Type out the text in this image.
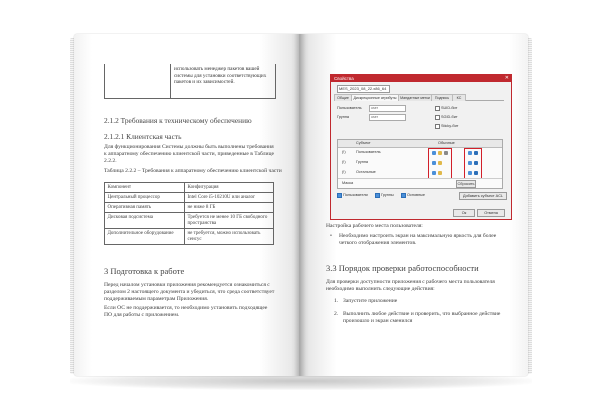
использовать менеджер пакетов вашей системы для установки соответствующих пакетов и их зависимостей.
2.1.2 Требования к техническому обеспечению
2.1.2.1 Клиентская часть
Для функционирования Системы должны быть выполнены требования к аппаратному обеспечению клиентской части, приведенные в Таблице 2.2.2.
Таблица 2.2.2 – Требования к аппаратному обеспечению клиентской части
Компонент	Конфигурация
Центральный процессор	Intel Core i5-10210U или аналог
Оперативная память	не ниже 8 ГБ
Дисковая подсистема	Требуется не менее 10 ГБ свободного пространства
Дополнительное оборудование	не требуется, можно использовать сенсус
3 Подготовка к работе
Перед началом установки приложения рекомендуется ознакомиться с разделом 2 настоящего документа и убедиться, что среда соответствует поддерживаемым параметрам Приложения.
Если ОС не поддерживается, то необходимо установить подходящее ПО для работы с приложением.
Свойства	✕
MES_2023_08_22.x86_64
Общие	Дискреционные атрибуты Мандатные метки	Подпись	КС
Пользователь	user
Группа	user
SUID-бит
SGID-бит
Sticky-бит
Субъект	Обычные
(!)	Пользователь
(!)	Группа
(!)	Остальные
Маска	Сбросить
Пользователи	Группы	Основные	Добавить субъект ACL
Ок	Отмена
Настройка рабочего места пользователя:
• Необходимо настроить экран на максимальную яркость для более четкого отображения элементов.
3.3 Порядок проверки работоспособности
Для проверки доступности приложения с рабочего места пользователя необходимо выполнить следующие действия:
1. Запустите приложение
2. Выполнить любое действие и проверить, что выбранное действие произошло и экран сменился
